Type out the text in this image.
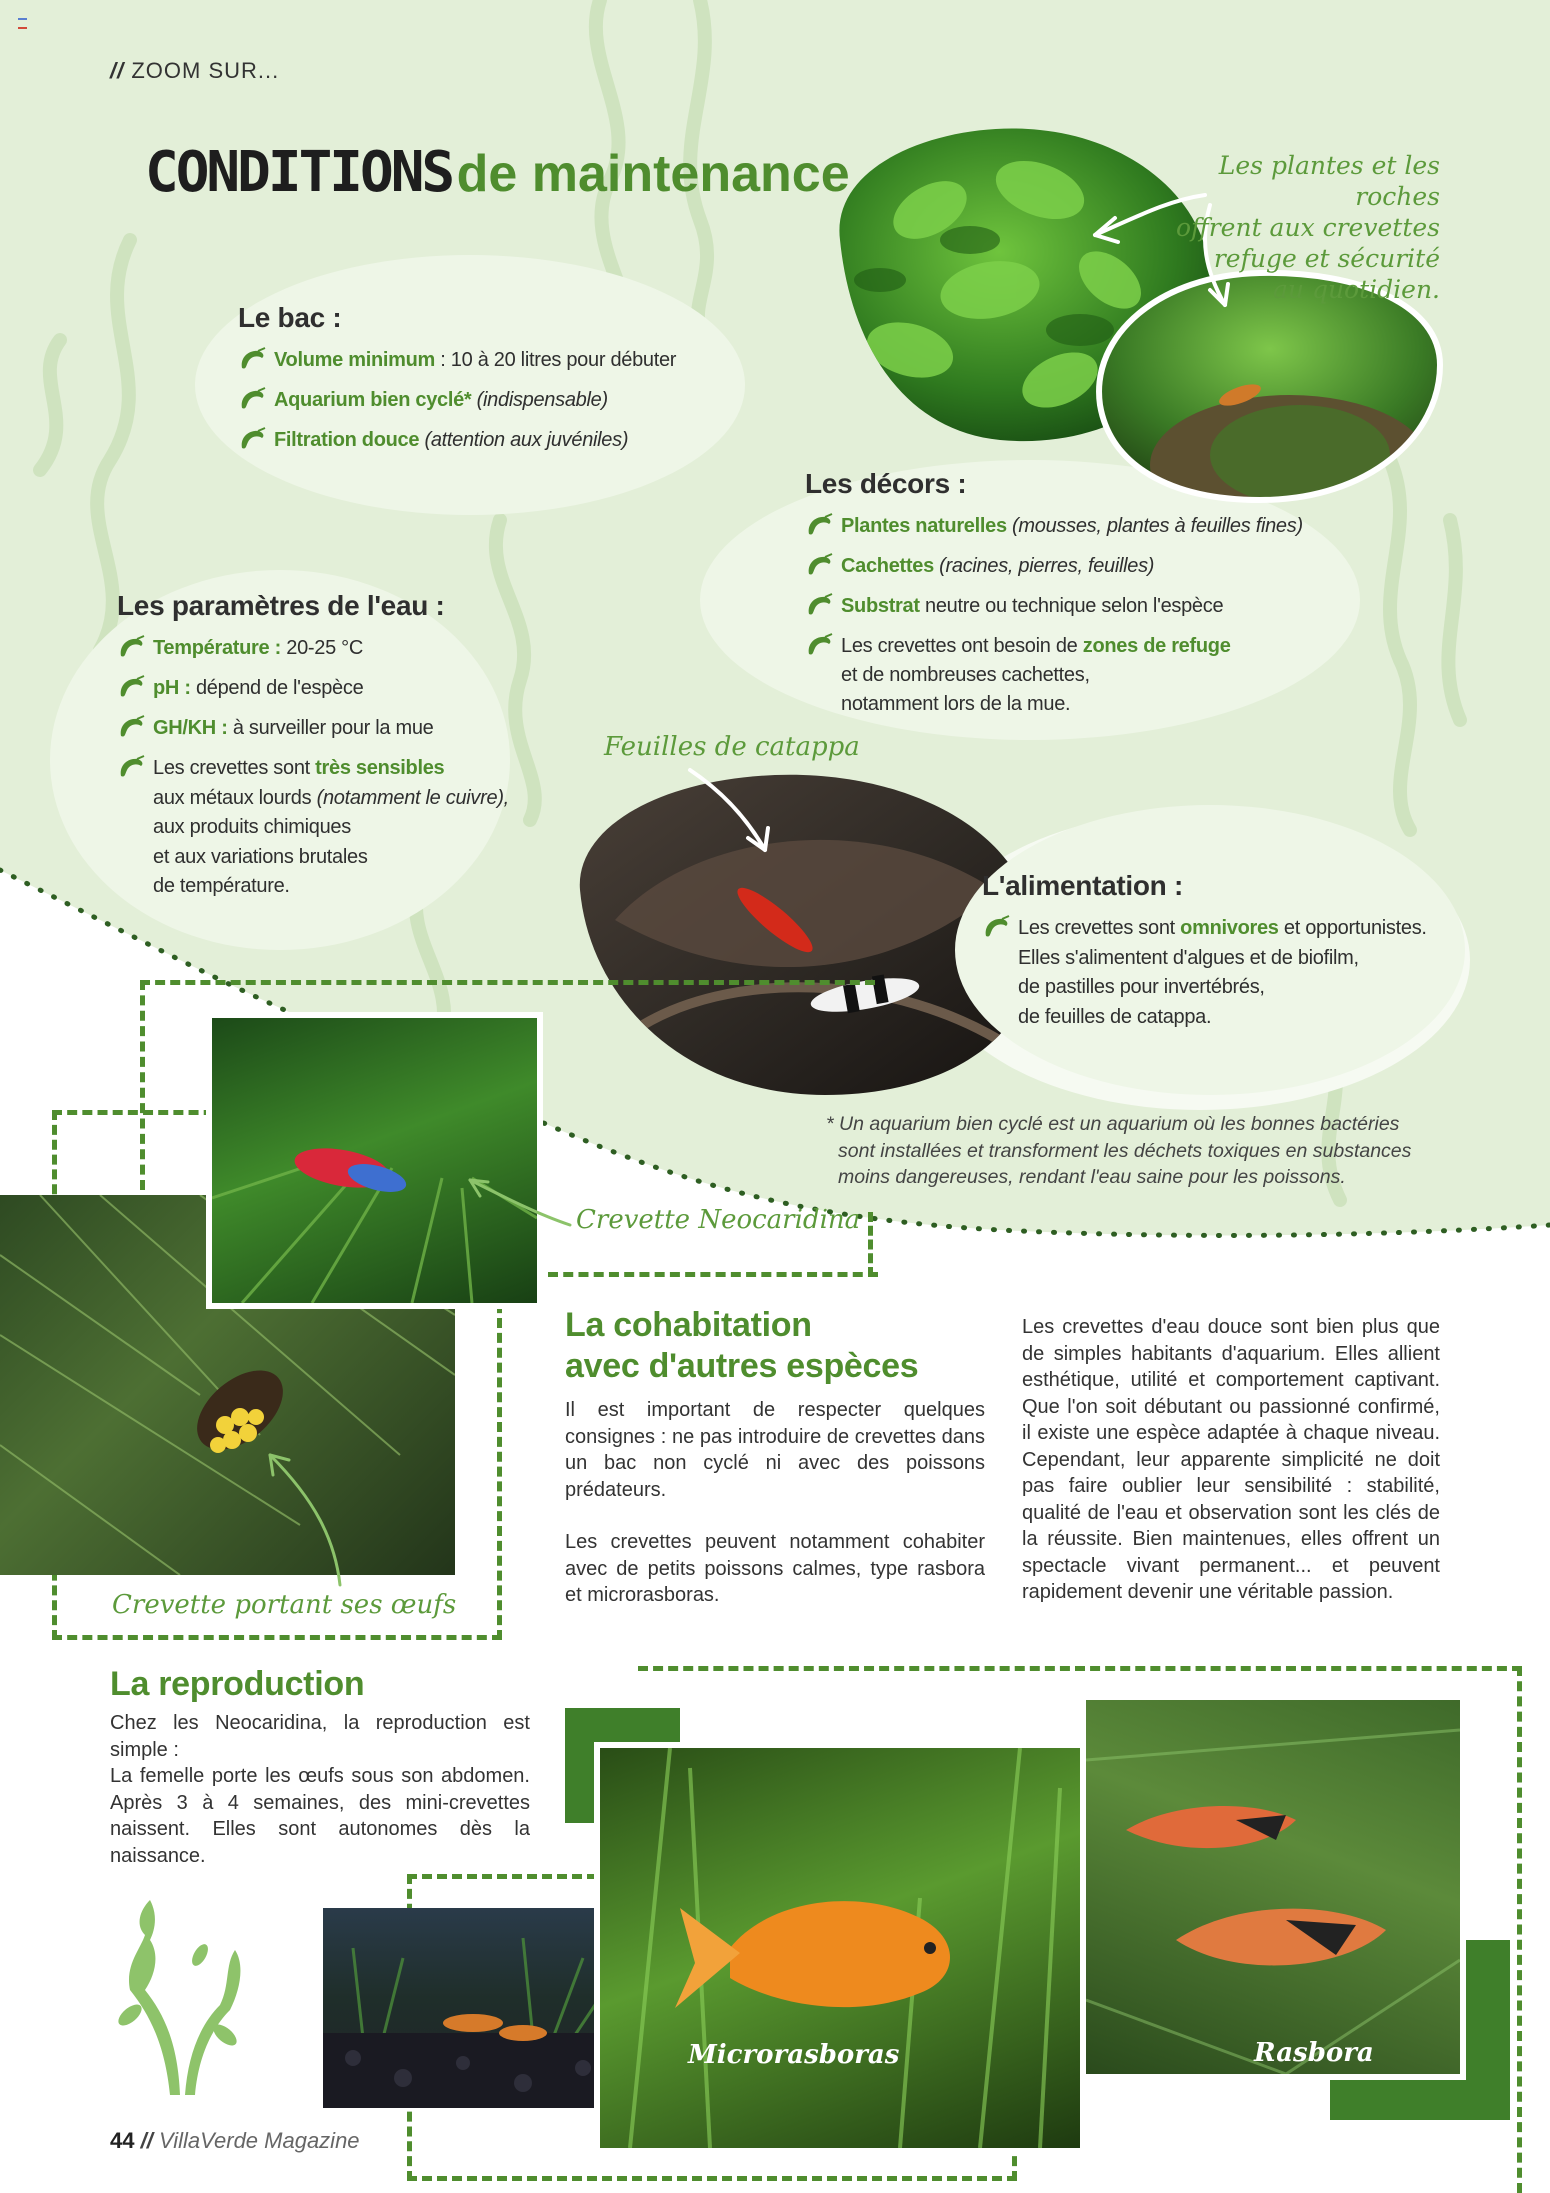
// ZOOM SUR...
CONDITIONS de maintenance	Les plantes et les roches
offrent aux crevettes
refuge et sécurité
au quotidien.
Le bac :
Volume minimum : 10 à 20 litres pour débuter
Aquarium bien cyclé* (indispensable)
Filtration douce (attention aux juvéniles)
Les décors :
Plantes naturelles (mousses, plantes à feuilles fines)
Cachettes (racines, pierres, feuilles)
Substrat neutre ou technique selon l'espèce
Les crevettes ont besoin de zones de refuge
et de nombreuses cachettes,
notamment lors de la mue.
Les paramètres de l'eau :
Température : 20-25 °C
pH : dépend de l'espèce
GH/KH : à surveiller pour la mue
Les crevettes sont très sensibles
aux métaux lourds (notamment le cuivre),
aux produits chimiques
et aux variations brutales
de température.
Feuilles de catappa
L'alimentation :
Les crevettes sont omnivores et opportunistes.
Elles s'alimentent d'algues et de biofilm,
de pastilles pour invertébrés,
de feuilles de catappa.
* Un aquarium bien cyclé est un aquarium où les bonnes bactéries
sont installées et transforment les déchets toxiques en substances
moins dangereuses, rendant l'eau saine pour les poissons.
Crevette Neocaridina
Crevette portant ses œufs
La cohabitation
avec d'autres espèces

Il est important de respecter quelques consignes : ne pas introduire de crevettes dans un bac non cyclé ni avec des poissons prédateurs.

Les crevettes peuvent notamment cohabiter avec de petits poissons calmes, type rasbora et microrasboras.

Les crevettes d'eau douce sont bien plus que de simples habitants d'aquarium. Elles allient esthétique, utilité et comportement captivant. Que l'on soit débutant ou passionné confirmé, il existe une espèce adaptée à chaque niveau. Cependant, leur apparente simplicité ne doit pas faire oublier leur sensibilité : stabilité, qualité de l'eau et observation sont les clés de la réussite. Bien maintenues, elles offrent un spectacle vivant permanent... et peuvent rapidement devenir une véritable passion.

La reproduction

Chez les Neocaridina, la reproduction est simple :

La femelle porte les œufs sous son abdomen. Après 3 à 4 semaines, des mini-crevettes naissent. Elles sont autonomes dès la naissance.

Microrasboras	Rasbora
44 // VillaVerde Magazine
